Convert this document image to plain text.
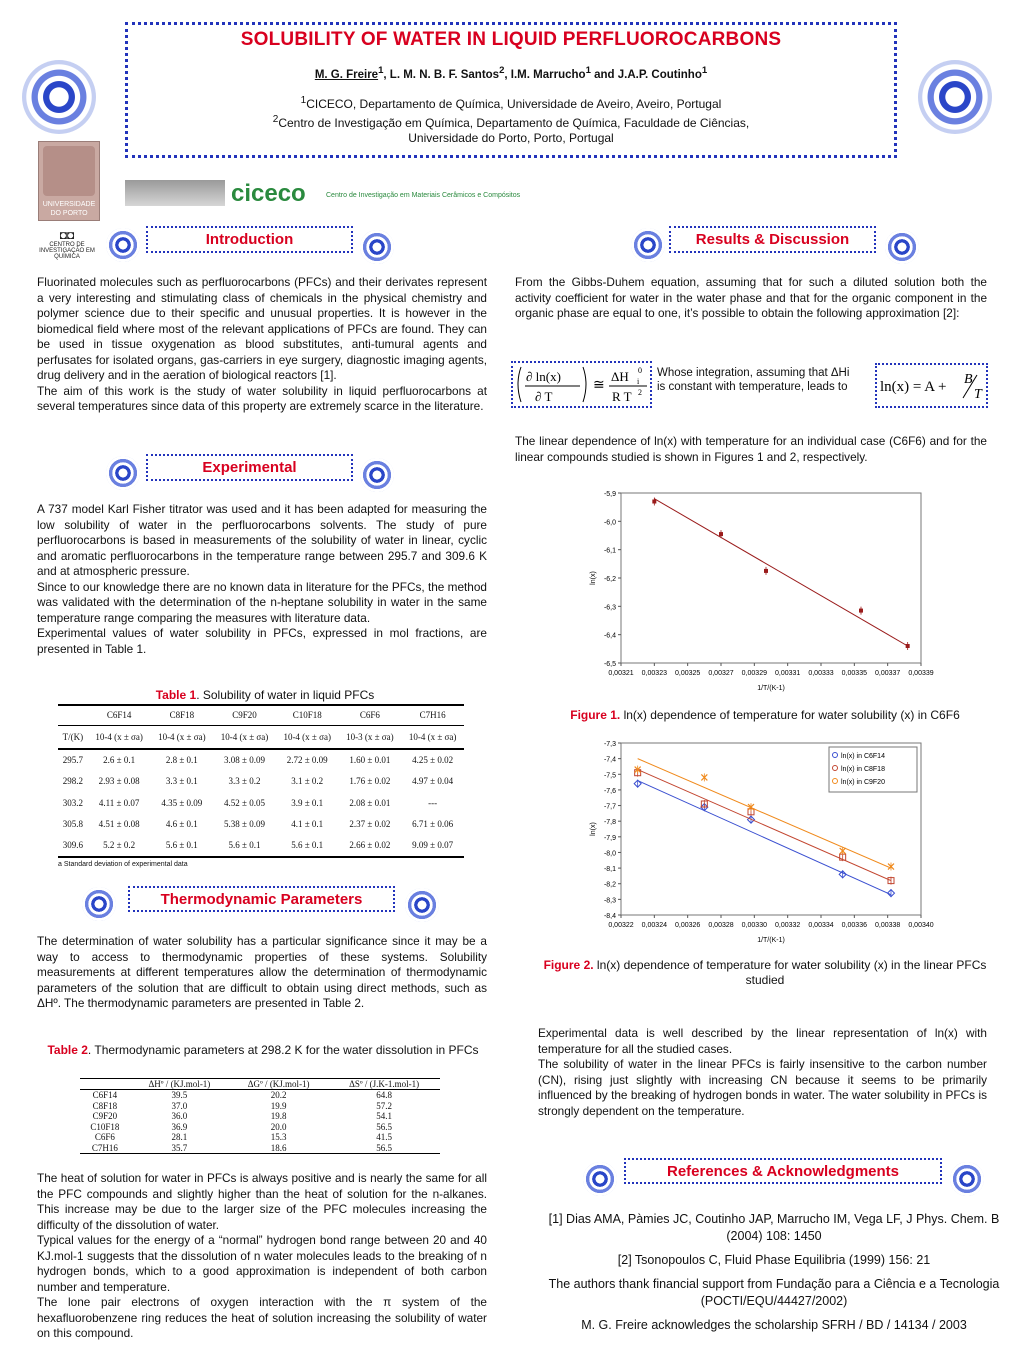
SOLUBILITY OF WATER IN LIQUID PERFLUOROCARBONS
M. G. Freire$^1$, L. M. N. B. F. Santos$^2$, I.M. Marrucho$^1$ and J.A.P. Coutinho$^1$
$^1$CICECO, Departamento de Química, Universidade de Aveiro, Aveiro, Portugal
$^2$Centro de Investigação em Química, Departamento de Química, Faculdade de Ciências,
Universidade do Porto, Porto, Portugal
UNIVERSIDADE DO PORTO
ciceco	Centro de Investigação em Materiais Cerâmicos e Compósitos
◘◘
CENTRO DE INVESTIGAÇÃO EM QUÍMICA
Introduction

Fluorinated molecules such as perfluorocarbons (PFCs) and their derivates represent a very interesting and stimulating class of chemicals in the physical chemistry and polymer science due to their specific and unusual properties. It is however in the biomedical field where most of the relevant applications of PFCs are found. They can be used in tissue oxygenation as blood substitutes, anti-tumural agents and perfusates for isolated organs, gas-carriers in eye surgery, diagnostic imaging agents, drug delivery and in the aeration of biological reactors [1].

The aim of this work is the study of water solubility in liquid perfluorocarbons at several temperatures since data of this property are extremely scarce in the literature.

Experimental

A 737 model Karl Fisher titrator was used and it has been adapted for measuring the low solubility of water in the perfluorocarbons solvents. The study of pure perfluorocarbons is based in measurements of the solubility of water in linear, cyclic and aromatic perfluorocarbons in the temperature range between 295.7 and 309.6 K and at atmospheric pressure.

Since to our knowledge there are no known data in literature for the PFCs, the method was validated with the determination of the n-heptane solubility in water in the same temperature range comparing the measures with literature data.

Experimental values of water solubility in PFCs, expressed in mol fractions, are presented in Table 1.

Table 1. Solubility of water in liquid PFCs
	C6F14	C8F18	C9F20	C10F18	C6F6	C7H16
T/(K)	10-4 (x ± σa)	10-4 (x ± σa)	10-4 (x ± σa)	10-4 (x ± σa)	10-3 (x ± σa)	10-4 (x ± σa)
295.7	2.6 ± 0.1	2.8 ± 0.1	3.08 ± 0.09	2.72 ± 0.09	1.60 ± 0.01	4.25 ± 0.02
298.2	2.93 ± 0.08	3.3 ± 0.1	3.3 ± 0.2	3.1 ± 0.2	1.76 ± 0.02	4.97 ± 0.04
303.2	4.11 ± 0.07	4.35 ± 0.09	4.52 ± 0.05	3.9 ± 0.1	2.08 ± 0.01	---
305.8	4.51 ± 0.08	4.6 ± 0.1	5.38 ± 0.09	4.1 ± 0.1	2.37 ± 0.02	6.71 ± 0.06
309.6	5.2 ± 0.2	5.6 ± 0.1	5.6 ± 0.1	5.6 ± 0.1	2.66 ± 0.02	9.09 ± 0.07
a Standard deviation of experimental data
Thermodynamic Parameters

The determination of water solubility has a particular significance since it may be a way to access to thermodynamic properties of these systems. Solubility measurements at different temperatures allow the determination of thermodynamic parameters of the solution that are difficult to obtain using direct methods, such as ΔHº. The thermodynamic parameters are presented in Table 2.

Table 2. Thermodynamic parameters at 298.2 K for the water dissolution in PFCs
	ΔHº / (KJ.mol-1)	ΔGº / (KJ.mol-1)	ΔSº / (J.K-1.mol-1)
C6F14	39.5	20.2	64.8
C8F18	37.0	19.9	57.2
C9F20	36.0	19.8	54.1
C10F18	36.9	20.0	56.5
C6F6	28.1	15.3	41.5
C7H16	35.7	18.6	56.5

The heat of solution for water in PFCs is always positive and is nearly the same for all the PFC compounds and slightly higher than the heat of solution for the n-alkanes. This increase may be due to the larger size of the PFC molecules increasing the difficulty of the dissolution of water.

Typical values for the energy of a “normal” hydrogen bond range between 20 and 40 KJ.mol-1 suggests that the dissolution of n water molecules leads to the breaking of n hydrogen bonds, which to a good approximation is independent of both carbon number and temperature.

The lone pair electrons of oxygen interaction with the π system of the hexafluorobenzene ring reduces the heat of solution increasing the solubility of water on this compound.

Results & Discussion

From the Gibbs-Duhem equation, assuming that for such a diluted solution both the activity coefficient for water in the water phase and that for the organic component in the organic phase are equal to one, it’s possible to obtain the following approximation [2]:

∂ ln(x)
∂ T
≅
ΔH
R T
0
i
2
Whose integration, assuming that ΔHi
is constant with temperature, leads to	ln(x) = A + B
T

The linear dependence of ln(x) with temperature for an individual case (C6F6) and for the linear compounds studied is shown in Figures 1 and 2, respectively.

-5,9
-6,0
-6,1
-6,2
-6,3
-6,4
-6,5
0,00321 0,00323 0,00325 0,00327 0,00329 0,00331 0,00333 0,00335 0,00337 0,00339
1/T/(K-1)
ln(x)
Figure 1. ln(x) dependence of temperature for water solubility (x) in C6F6
-7,3
-7,4
-7,5
-7,6
-7,7
-7,8
-7,9
-8,0
-8,1
-8,2
-8,3
-8,4
0,00322 0,00324 0,00326 0,00328 0,00330 0,00332 0,00334 0,00336 0,00338 0,00340
1/T/(K-1)
ln(x)
ln(x) in C6F14
ln(x) in C8F18
ln(x) in C9F20
Figure 2. ln(x) dependence of temperature for water solubility (x) in the linear PFCs studied

Experimental data is well described by the linear representation of ln(x) with temperature for all the studied cases.

The solubility of water in the linear PFCs is fairly insensitive to the carbon number (CN), rising just slightly with increasing CN because it seems to be primarily influenced by the breaking of hydrogen bonds in water. The water solubility in PFCs is strongly dependent on the temperature.

References & Acknowledgments
[1] Dias AMA, Pàmies JC, Coutinho JAP, Marrucho IM, Vega LF, J Phys. Chem. B (2004) 108: 1450
[2] Tsonopoulos C, Fluid Phase Equilibria (1999) 156: 21
The authors thank financial support from Fundação para a Ciência e a Tecnologia (POCTI/EQU/44427/2002)
M. G. Freire acknowledges the scholarship SFRH / BD / 14134 / 2003
